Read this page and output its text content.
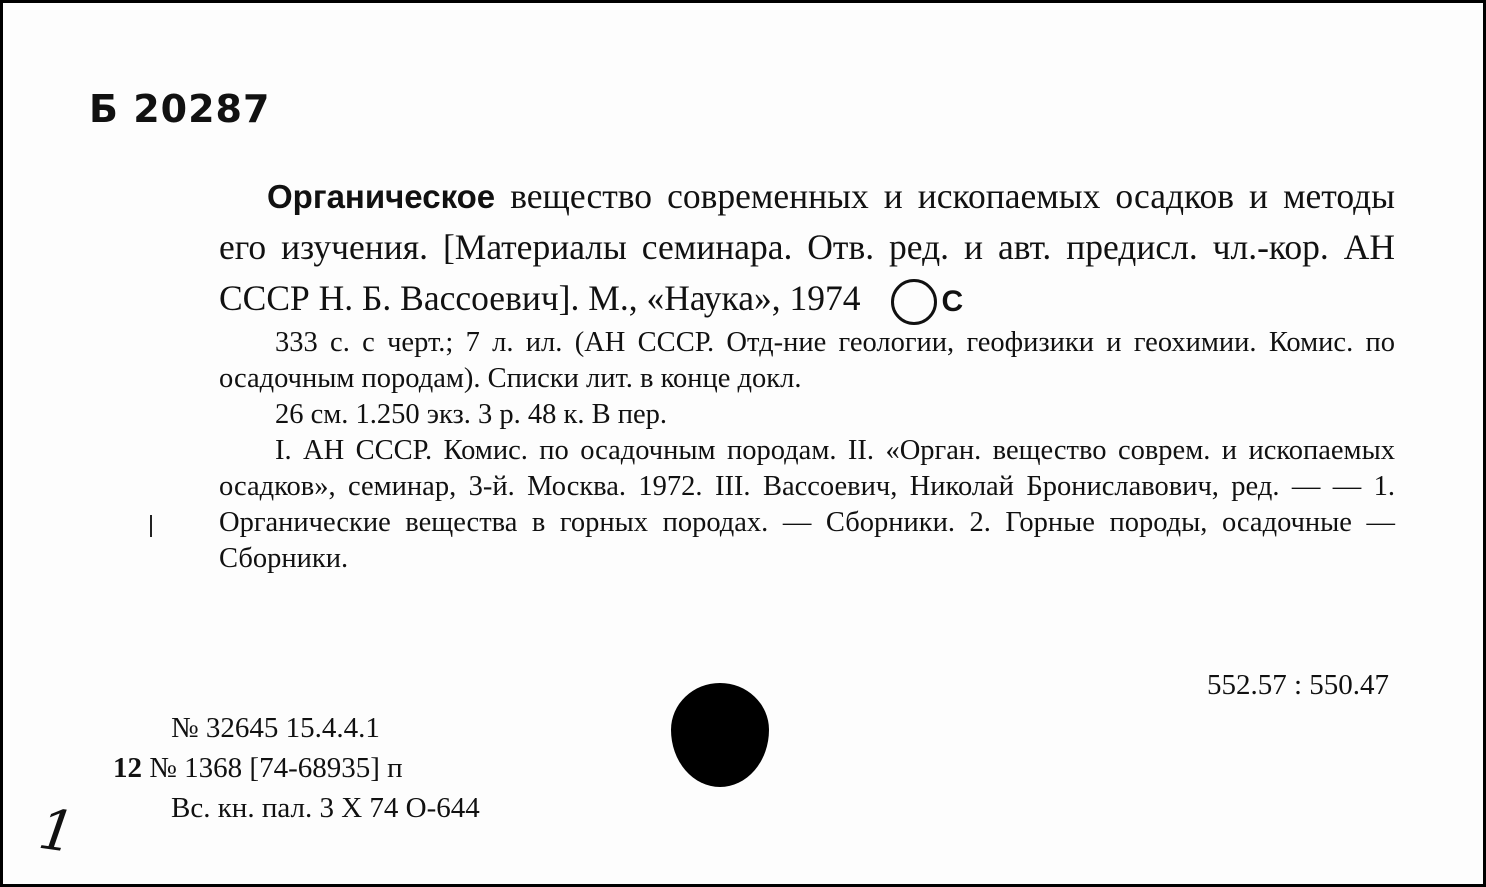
Б 20287
Органическое вещество современных и ископаемых осадков и методы его изучения. [Материалы семинара. Отв. ред. и авт. предисл. чл.-кор. АН СССР Н. Б. Вассоевич]. М., «Наука», 1974	С
333 с. с черт.; 7 л. ил. (АН СССР. Отд-ние геологии, геофизики и геохимии. Комис. по осадочным породам). Списки лит. в конце докл.
26 см. 1.250 экз. 3 р. 48 к. В пер.
I. АН СССР. Комис. по осадочным породам. II. «Орган. вещество соврем. и ископаемых осадков», семинар, 3-й. Москва. 1972. III. Вассоевич, Николай Брониславович, ред. — — 1. Органические вещества в горных породах. — Сборники. 2. Горные породы, осадочные — Сборники.
552.57 : 550.47
№ 32645 15.4.4.1
12 № 1368 [74-68935] п
Вс. кн. пал. 3 X 74 О-644
1
